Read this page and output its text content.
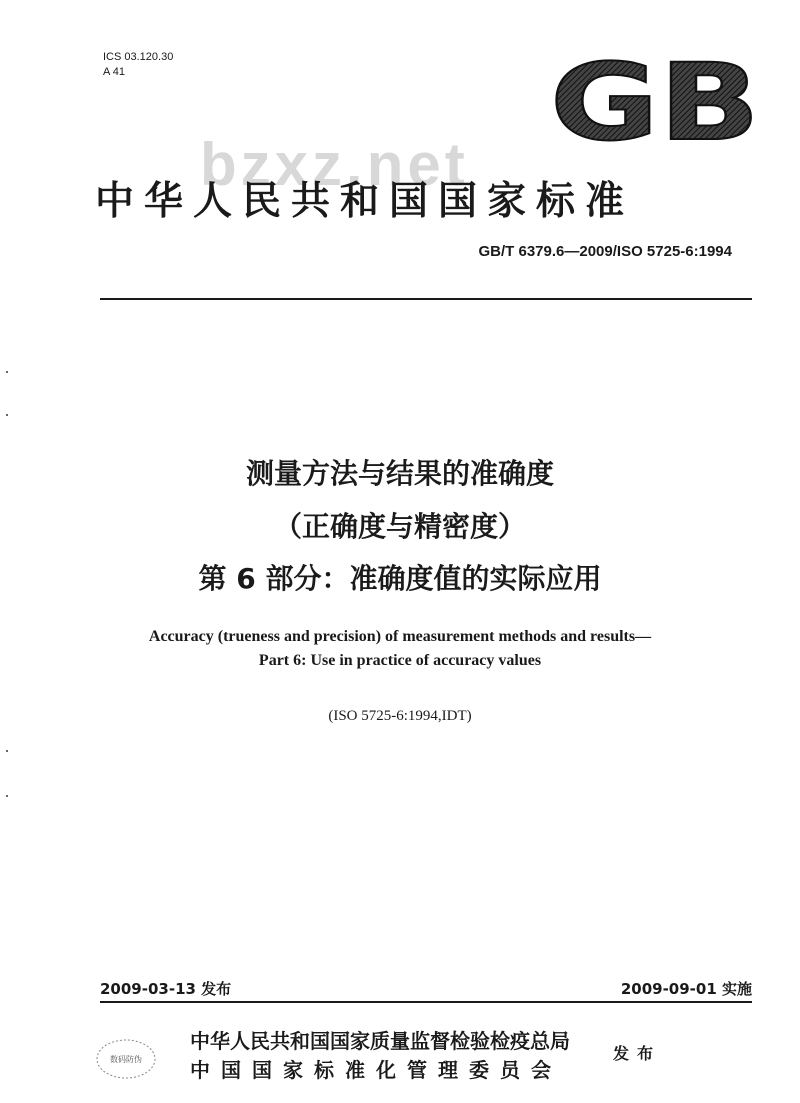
ICS 03.120.30
A 41	GB
bzxz.net
中华人民共和国国家标准
GB/T 6379.6—2009/ISO 5725-6:1994
测量方法与结果的准确度
（正确度与精密度）
第 6 部分：准确度值的实际应用
Accuracy (trueness and precision) of measurement methods and results—
Part 6: Use in practice of accuracy values
(ISO 5725-6:1994,IDT)
2009-03-13 发布	2009-09-01 实施
数码防伪
中华人民共和国国家质量监督检验检疫总局
中国国家标准化管理委员会
发布
